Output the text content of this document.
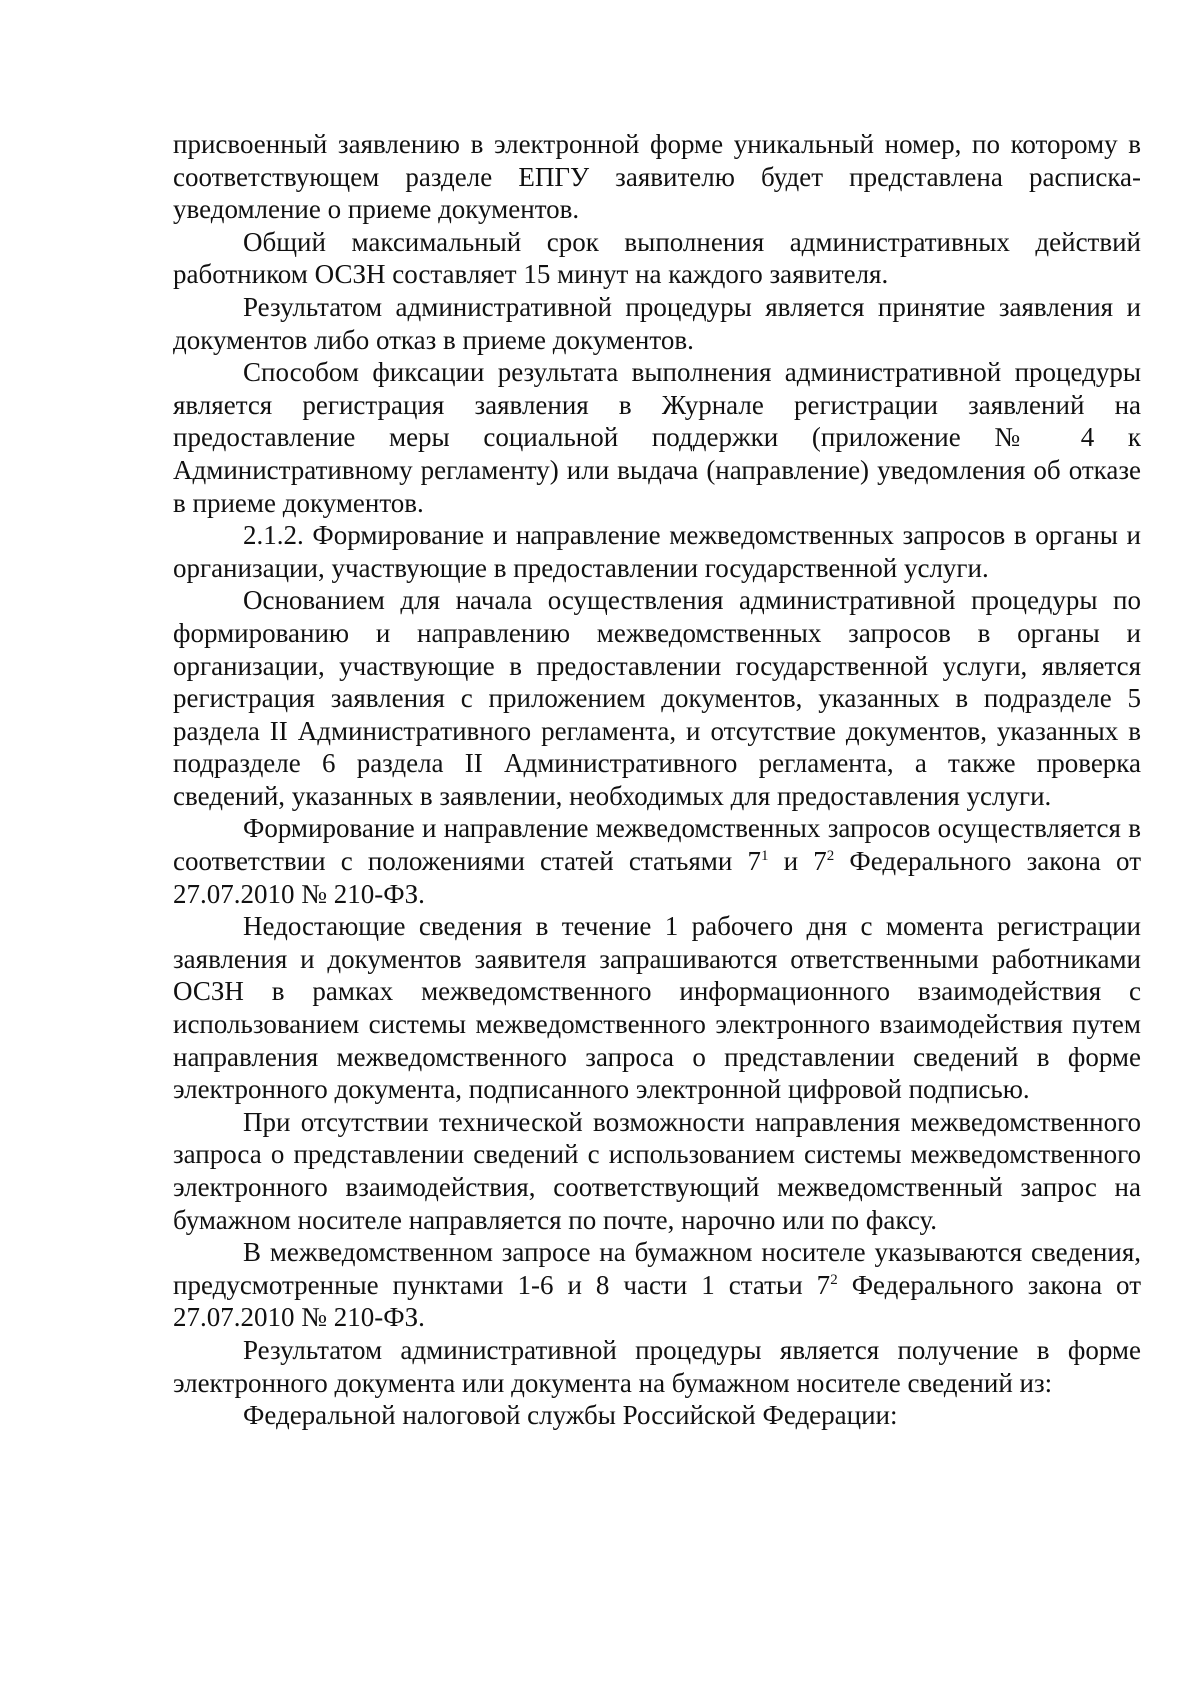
присвоенный заявлению в электронной форме уникальный номер, по которому в соответствующем разделе ЕПГУ заявителю будет представлена расписка-уведомление о приеме документов.

Общий максимальный срок выполнения административных действий работником ОСЗН составляет 15 минут на каждого заявителя.

Результатом административной процедуры является принятие заявления и документов либо отказ в приеме документов.

Способом фиксации результата выполнения административной процедуры является регистрация заявления в Журнале регистрации заявлений на предоставление меры социальной поддержки (приложение № 4 к Административному регламенту) или выдача (направление) уведомления об отказе в приеме документов.

2.1.2. Формирование и направление межведомственных запросов в органы и организации, участвующие в предоставлении государственной услуги.

Основанием для начала осуществления административной процедуры по формированию и направлению межведомственных запросов в органы и организации, участвующие в предоставлении государственной услуги, является регистрация заявления с приложением документов, указанных в подразделе 5 раздела II Административного регламента, и отсутствие документов, указанных в подразделе 6 раздела II Административного регламента, а также проверка сведений, указанных в заявлении, необходимых для предоставления услуги.

Формирование и направление межведомственных запросов осуществляется в соответствии с положениями статей статьями $7^1$ и $7^2$ Федерального закона от 27.07.2010 № 210-ФЗ.

Недостающие сведения в течение 1 рабочего дня с момента регистрации заявления и документов заявителя запрашиваются ответственными работниками ОСЗН в рамках межведомственного информационного взаимодействия с использованием системы межведомственного электронного взаимодействия путем направления межведомственного запроса о представлении сведений в форме электронного документа, подписанного электронной цифровой подписью.

При отсутствии технической возможности направления межведомственного запроса о представлении сведений с использованием системы межведомственного электронного взаимодействия, соответствующий межведомственный запрос на бумажном носителе направляется по почте, нарочно или по факсу.

В межведомственном запросе на бумажном носителе указываются сведения, предусмотренные пунктами 1-6 и 8 части 1 статьи $7^2$ Федерального закона от 27.07.2010 № 210-ФЗ.

Результатом административной процедуры является получение в форме электронного документа или документа на бумажном носителе сведений из:

Федеральной налоговой службы Российской Федерации:
